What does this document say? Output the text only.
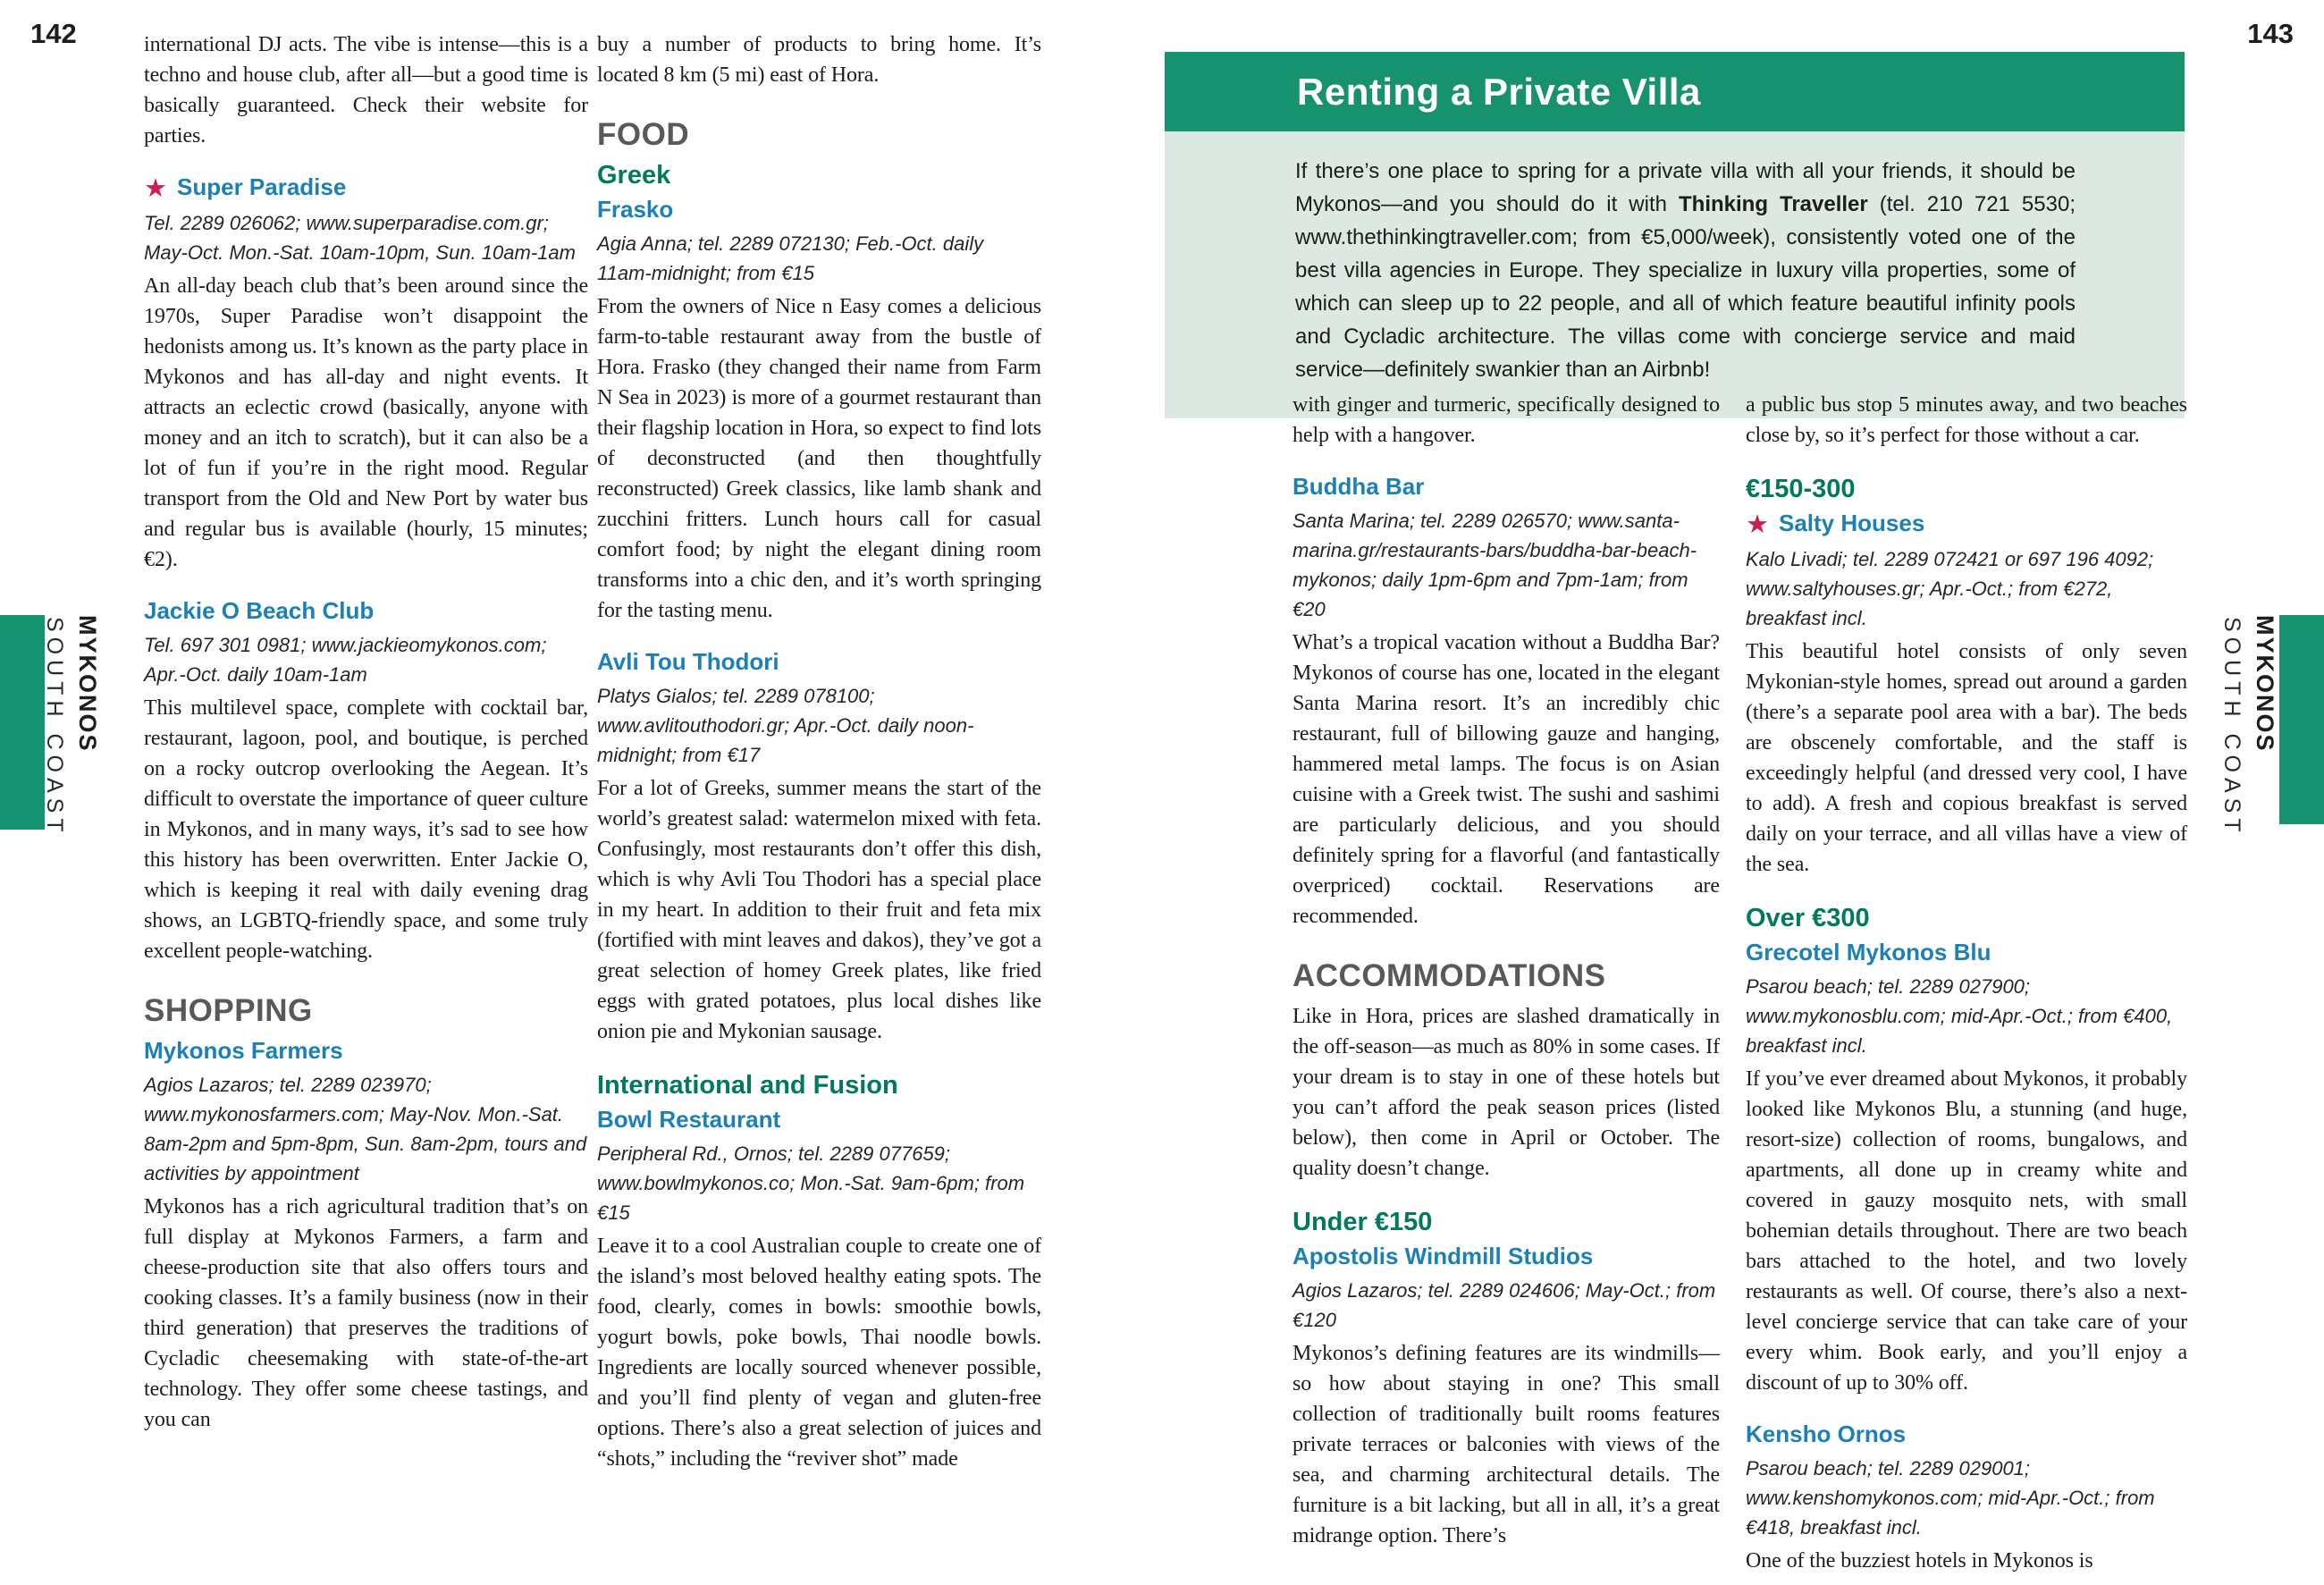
142	143
international DJ acts. The vibe is intense—this is a techno and house club, after all—but a good time is basically guaranteed. Check their website for parties.
★ Super Paradise
Tel. 2289 026062; www.superparadise.com.gr; May-Oct. Mon.-Sat. 10am-10pm, Sun. 10am-1am
An all-day beach club that’s been around since the 1970s, Super Paradise won’t disappoint the hedonists among us. It’s known as the party place in Mykonos and has all-day and night events. It attracts an eclectic crowd (basically, anyone with money and an itch to scratch), but it can also be a lot of fun if you’re in the right mood. Regular transport from the Old and New Port by water bus and regular bus is available (hourly, 15 minutes; €2).
Jackie O Beach Club
Tel. 697 301 0981; www.jackieomykonos.com; Apr.-Oct. daily 10am-1am
This multilevel space, complete with cocktail bar, restaurant, lagoon, pool, and boutique, is perched on a rocky outcrop overlooking the Aegean. It’s difficult to overstate the importance of queer culture in Mykonos, and in many ways, it’s sad to see how this history has been overwritten. Enter Jackie O, which is keeping it real with daily evening drag shows, an LGBTQ-friendly space, and some truly excellent people-watching.
SHOPPING
Mykonos Farmers
Agios Lazaros; tel. 2289 023970; www.mykonosfarmers.com; May-Nov. Mon.-Sat. 8am-2pm and 5pm-8pm, Sun. 8am-2pm, tours and activities by appointment
Mykonos has a rich agricultural tradition that’s on full display at Mykonos Farmers, a farm and cheese-production site that also offers tours and cooking classes. It’s a family business (now in their third generation) that preserves the traditions of Cycladic cheesemaking with state-of-the-art technology. They offer some cheese tastings, and you can
buy a number of products to bring home. It’s located 8 km (5 mi) east of Hora.
FOOD
Greek
Frasko
Agia Anna; tel. 2289 072130; Feb.-Oct. daily 11am-midnight; from €15
From the owners of Nice n Easy comes a delicious farm-to-table restaurant away from the bustle of Hora. Frasko (they changed their name from Farm N Sea in 2023) is more of a gourmet restaurant than their flagship location in Hora, so expect to find lots of deconstructed (and then thoughtfully reconstructed) Greek classics, like lamb shank and zucchini fritters. Lunch hours call for casual comfort food; by night the elegant dining room transforms into a chic den, and it’s worth springing for the tasting menu.
Avli Tou Thodori
Platys Gialos; tel. 2289 078100; www.avlitouthodori.gr; Apr.-Oct. daily noon-midnight; from €17
For a lot of Greeks, summer means the start of the world’s greatest salad: watermelon mixed with feta. Confusingly, most restaurants don’t offer this dish, which is why Avli Tou Thodori has a special place in my heart. In addition to their fruit and feta mix (fortified with mint leaves and dakos), they’ve got a great selection of homey Greek plates, like fried eggs with grated potatoes, plus local dishes like onion pie and Mykonian sausage.
International and Fusion
Bowl Restaurant
Peripheral Rd., Ornos; tel. 2289 077659; www.bowlmykonos.co; Mon.-Sat. 9am-6pm; from €15
Leave it to a cool Australian couple to create one of the island’s most beloved healthy eating spots. The food, clearly, comes in bowls: smoothie bowls, yogurt bowls, poke bowls, Thai noodle bowls. Ingredients are locally sourced whenever possible, and you’ll find plenty of vegan and gluten-free options. There’s also a great selection of juices and “shots,” including the “reviver shot” made
Renting a Private Villa
If there’s one place to spring for a private villa with all your friends, it should be Mykonos—and you should do it with Thinking Traveller (tel. 210 721 5530; www.thethinkingtraveller.com; from €5,000/week), consistently voted one of the best villa agencies in Europe. They specialize in luxury villa properties, some of which can sleep up to 22 people, and all of which feature beautiful infinity pools and Cycladic architecture. The villas come with concierge service and maid service—definitely swankier than an Airbnb!
with ginger and turmeric, specifically designed to help with a hangover.
Buddha Bar
Santa Marina; tel. 2289 026570; www.santa-marina.gr/restaurants-bars/buddha-bar-beach-mykonos; daily 1pm-6pm and 7pm-1am; from €20
What’s a tropical vacation without a Buddha Bar? Mykonos of course has one, located in the elegant Santa Marina resort. It’s an incredibly chic restaurant, full of billowing gauze and hanging, hammered metal lamps. The focus is on Asian cuisine with a Greek twist. The sushi and sashimi are particularly delicious, and you should definitely spring for a flavorful (and fantastically overpriced) cocktail. Reservations are recommended.
ACCOMMODATIONS
Like in Hora, prices are slashed dramatically in the off-season—as much as 80% in some cases. If your dream is to stay in one of these hotels but you can’t afford the peak season prices (listed below), then come in April or October. The quality doesn’t change.
Under €150
Apostolis Windmill Studios
Agios Lazaros; tel. 2289 024606; May-Oct.; from €120
Mykonos’s defining features are its windmills—so how about staying in one? This small collection of traditionally built rooms features private terraces or balconies with views of the sea, and charming architectural details. The furniture is a bit lacking, but all in all, it’s a great midrange option. There’s
a public bus stop 5 minutes away, and two beaches close by, so it’s perfect for those without a car.
€150-300
★ Salty Houses
Kalo Livadi; tel. 2289 072421 or 697 196 4092; www.saltyhouses.gr; Apr.-Oct.; from €272, breakfast incl.
This beautiful hotel consists of only seven Mykonian-style homes, spread out around a garden (there’s a separate pool area with a bar). The beds are obscenely comfortable, and the staff is exceedingly helpful (and dressed very cool, I have to add). A fresh and copious breakfast is served daily on your terrace, and all villas have a view of the sea.
Over €300
Grecotel Mykonos Blu
Psarou beach; tel. 2289 027900; www.mykonosblu.com; mid-Apr.-Oct.; from €400, breakfast incl.
If you’ve ever dreamed about Mykonos, it probably looked like Mykonos Blu, a stunning (and huge, resort-size) collection of rooms, bungalows, and apartments, all done up in creamy white and covered in gauzy mosquito nets, with small bohemian details throughout. There are two beach bars attached to the hotel, and two lovely restaurants as well. Of course, there’s also a next-level concierge service that can take care of your every whim. Book early, and you’ll enjoy a discount of up to 30% off.
Kensho Ornos
Psarou beach; tel. 2289 029001; www.kenshomykonos.com; mid-Apr.-Oct.; from €418, breakfast incl.
One of the buzziest hotels in Mykonos is
MYKONOS
SOUTH COAST	MYKONOS
SOUTH COAST
